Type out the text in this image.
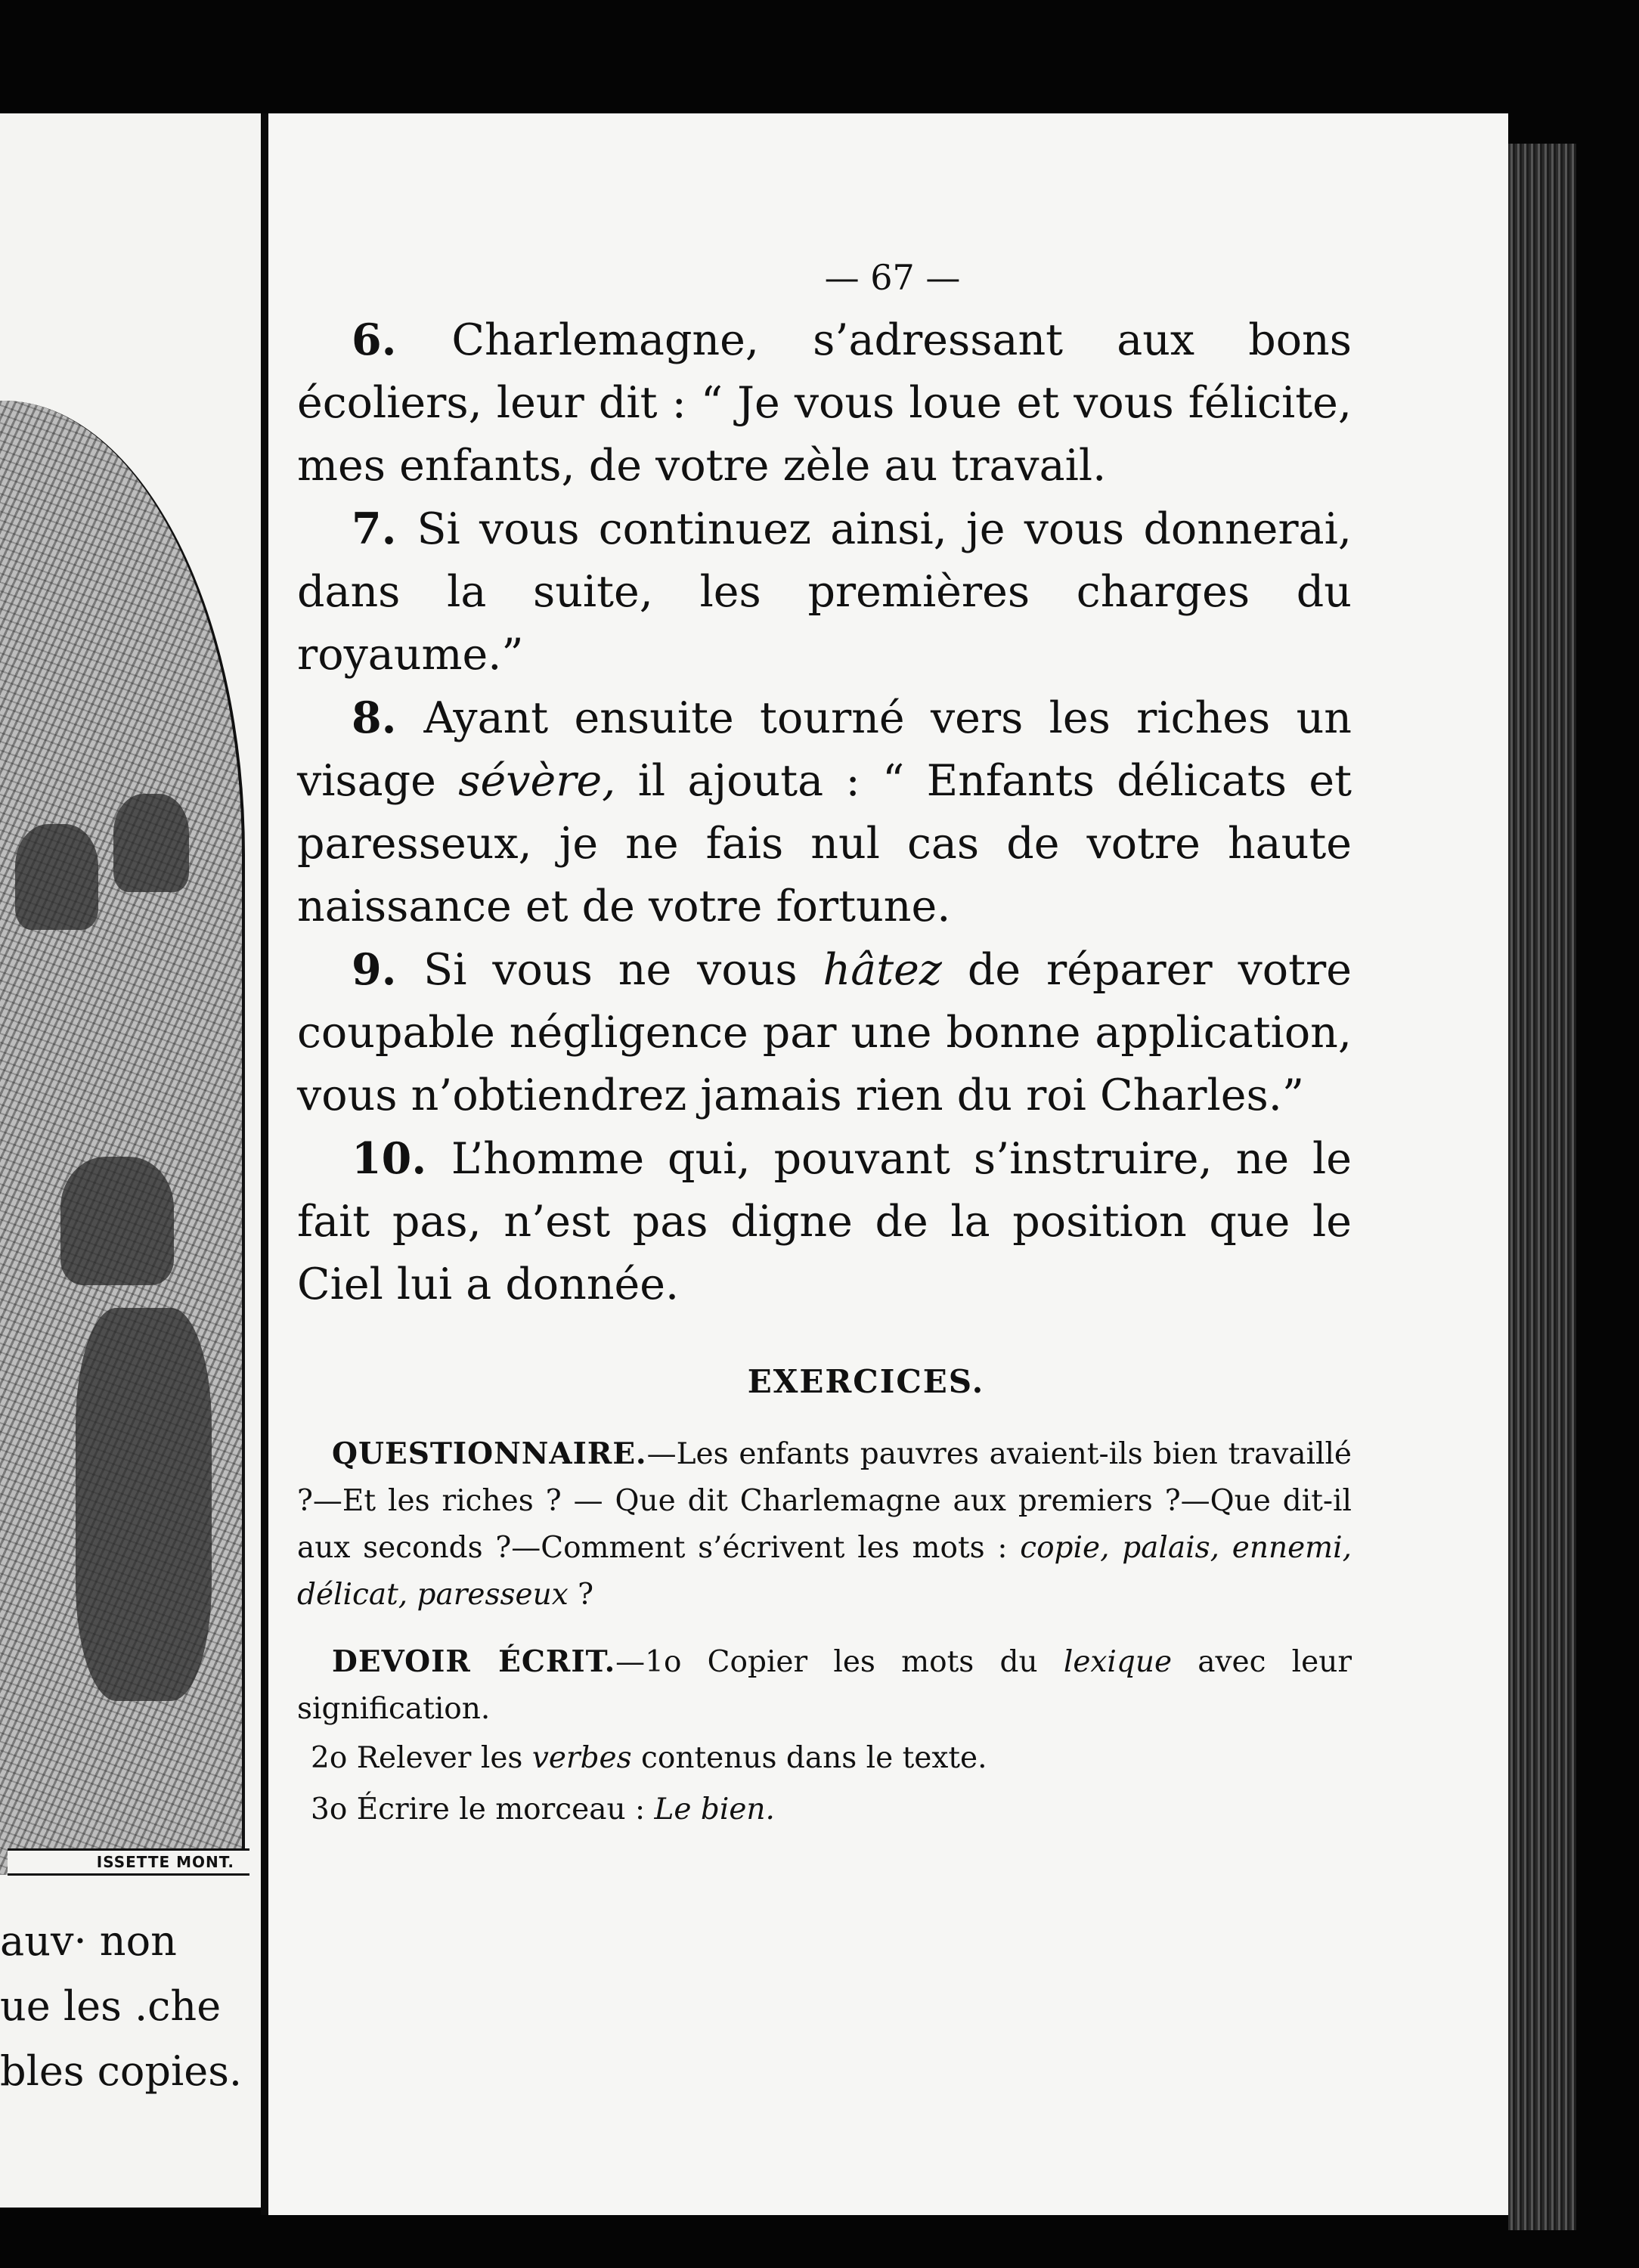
ISSETTE MONT.
auv· non
ue les .che
bles copies.
— 67 —

6. Charlemagne, s’adressant aux bons écoliers, leur dit : “ Je vous loue et vous félicite, mes enfants, de votre zèle au travail.

7. Si vous continuez ainsi, je vous donnerai, dans la suite, les premières charges du royaume.”

8. Ayant ensuite tourné vers les riches un visage sévère, il ajouta : “ Enfants délicats et paresseux, je ne fais nul cas de votre haute naissance et de votre fortune.

9. Si vous ne vous hâtez de réparer votre coupable négligence par une bonne application, vous n’obtiendrez jamais rien du roi Charles.”

10. L’homme qui, pouvant s’instruire, ne le fait pas, n’est pas digne de la position que le Ciel lui a donnée.

EXERCICES.

QUESTIONNAIRE.—Les enfants pauvres avaient-ils bien travaillé ?—Et les riches ? — Que dit Charlemagne aux premiers ?—Que dit-il aux seconds ?—Comment s’écrivent les mots : copie, palais, ennemi, délicat, paresseux ?

DEVOIR ÉCRIT.—1o Copier les mots du lexique avec leur signification.

2o Relever les verbes contenus dans le texte.

3o Écrire le morceau : Le bien.
